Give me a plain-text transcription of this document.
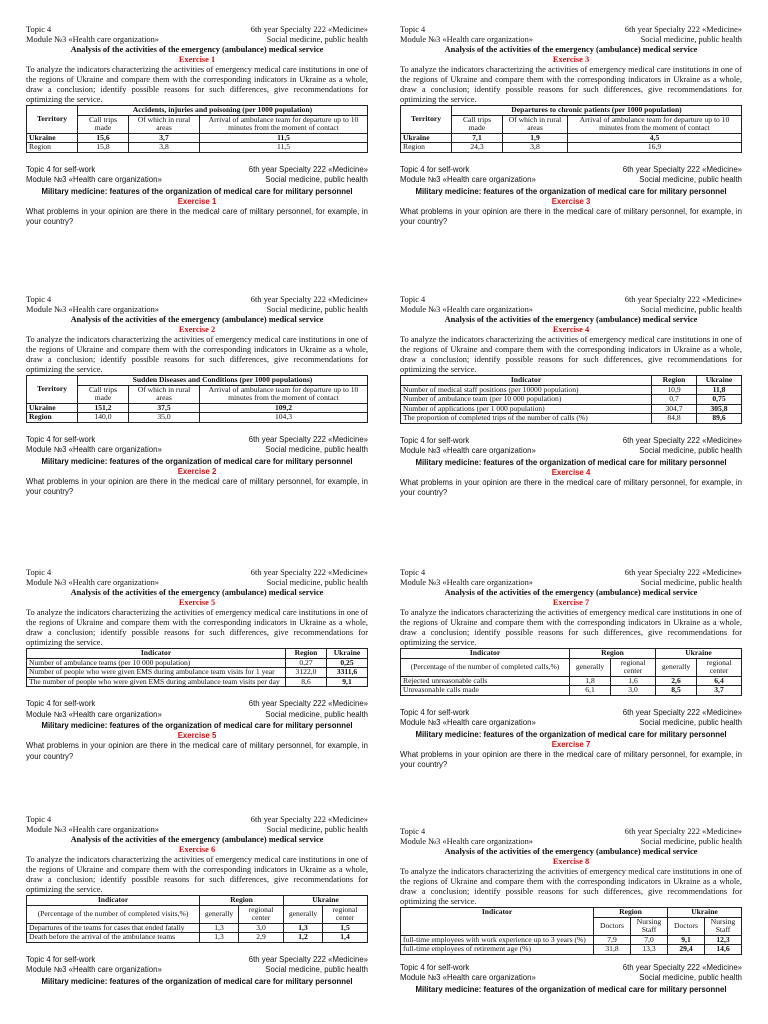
Topic 4	6th year Specialty 222 «Medicine»
Module №3 «Health care organization»	Social medicine, public health
Analysis of the activities of the emergency (ambulance) medical service
Exercise 1

To analyze the indicators characterizing the activities of emergency medical care institutions in one of the regions of Ukraine and compare them with the corresponding indicators in Ukraine as a whole, draw a conclusion; identify possible reasons for such differences, give recommendations for optimizing the service.

Territory	Accidents, injuries and poisoning (per 1000 population)		
	Call trips made	Of which in rural areas	Arrival of ambulance team for departure up to 10 minutes from the moment of contact
Ukraine	15,6	3,7	11,5
Region	15,8	3,8	11,5
Topic 4 for self-work	6th year Specialty 222 «Medicine»
Module №3 «Health care organization»	Social medicine, public health
Military medicine: features of the organization of medical care for military personnel
Exercise 1

What problems in your opinion are there in the medical care of military personnel, for example, in your country?

Topic 4	6th year Specialty 222 «Medicine»
Module №3 «Health care organization»	Social medicine, public health
Analysis of the activities of the emergency (ambulance) medical service
Exercise 2

To analyze the indicators characterizing the activities of emergency medical care institutions in one of the regions of Ukraine and compare them with the corresponding indicators in Ukraine as a whole, draw a conclusion; identify possible reasons for such differences, give recommendations for optimizing the service.

Territory	Sudden Diseases and Conditions (per 1000 populations)		
	Call trips made	Of which in rural areas	Arrival of ambulance team for departure up to 10 minutes from the moment of contact
Ukraine	151,2	37,5	109,2
Region	140,0	35,0	104,3
Topic 4 for self-work	6th year Specialty 222 «Medicine»
Module №3 «Health care organization»	Social medicine, public health
Military medicine: features of the organization of medical care for military personnel
Exercise 2

What problems in your opinion are there in the medical care of military personnel, for example, in your country?

Topic 4	6th year Specialty 222 «Medicine»
Module №3 «Health care organization»	Social medicine, public health
Analysis of the activities of the emergency (ambulance) medical service
Exercise 5

To analyze the indicators characterizing the activities of emergency medical care institutions in one of the regions of Ukraine and compare them with the corresponding indicators in Ukraine as a whole, draw a conclusion; identify possible reasons for such differences, give recommendations for optimizing the service.

Indicator	Region	Ukraine
Number of ambulance teams (per 10 000 population)	0,27	0,25
Number of people who were given EMS during ambulance team visits for 1 year	3122,0	3311,6
The number of people who were given EMS during ambulance team visits per day	8,6	9,1
Topic 4 for self-work	6th year Specialty 222 «Medicine»
Module №3 «Health care organization»	Social medicine, public health
Military medicine: features of the organization of medical care for military personnel
Exercise 5

What problems in your opinion are there in the medical care of military personnel, for example, in your country?

Topic 4	6th year Specialty 222 «Medicine»
Module №3 «Health care organization»	Social medicine, public health
Analysis of the activities of the emergency (ambulance) medical service
Exercise 6

To analyze the indicators characterizing the activities of emergency medical care institutions in one of the regions of Ukraine and compare them with the corresponding indicators in Ukraine as a whole, draw a conclusion; identify possible reasons for such differences, give recommendations for optimizing the service.

Indicator	Region		Ukraine	
(Percentage of the number of completed visits,%)	generally	regional center	generally	regional center
Departures of the teams for cases that ended fatally	1,3	3,0	1,3	1,5
Death before the arrival of the ambulance teams	1,3	2,9	1,2	1,4
Topic 4 for self-work	6th year Specialty 222 «Medicine»
Module №3 «Health care organization»	Social medicine, public health
Military medicine: features of the organization of medical care for military personnel
Topic 4	6th year Specialty 222 «Medicine»
Module №3 «Health care organization»	Social medicine, public health
Analysis of the activities of the emergency (ambulance) medical service
Exercise 3

To analyze the indicators characterizing the activities of emergency medical care institutions in one of the regions of Ukraine and compare them with the corresponding indicators in Ukraine as a whole, draw a conclusion; identify possible reasons for such differences, give recommendations for optimizing the service.

Territory	Departures to chronic patients (per 1000 population)		
	Call trips made	Of which in rural areas	Arrival of ambulance team for departure up to 10 minutes from the moment of contact
Ukraine	7,1	1,9	4,5
Region	24,3	3,8	16,9
Topic 4 for self-work	6th year Specialty 222 «Medicine»
Module №3 «Health care organization»	Social medicine, public health
Military medicine: features of the organization of medical care for military personnel
Exercise 3

What problems in your opinion are there in the medical care of military personnel, for example, in your country?

Topic 4	6th year Specialty 222 «Medicine»
Module №3 «Health care organization»	Social medicine, public health
Analysis of the activities of the emergency (ambulance) medical service
Exercise 4

To analyze the indicators characterizing the activities of emergency medical care institutions in one of the regions of Ukraine and compare them with the corresponding indicators in Ukraine as a whole, draw a conclusion; identify possible reasons for such differences, give recommendations for optimizing the service.

Indicator	Region	Ukraine
Number of medical staff positions (per 10000 population)	10,9	11,8
Number of ambulance team (per 10 000 population)	0,7	0,75
Number of applications (per 1 000 population)	304,7	305,8
The proportion of completed trips of the number of calls (%)	84,8	89,6
Topic 4 for self-work	6th year Specialty 222 «Medicine»
Module №3 «Health care organization»	Social medicine, public health
Military medicine: features of the organization of medical care for military personnel
Exercise 4

What problems in your opinion are there in the medical care of military personnel, for example, in your country?

Topic 4	6th year Specialty 222 «Medicine»
Module №3 «Health care organization»	Social medicine, public health
Analysis of the activities of the emergency (ambulance) medical service
Exercise 7

To analyze the indicators characterizing the activities of emergency medical care institutions in one of the regions of Ukraine and compare them with the corresponding indicators in Ukraine as a whole, draw a conclusion; identify possible reasons for such differences, give recommendations for optimizing the service.

Indicator	Region		Ukraine	
(Percentage of the number of completed calls,%)	generally	regional center	generally	regional center
Rejected unreasonable calls	1,8	1,6	2,6	6,4
Unreasonable calls made	6,1	3,0	8,5	3,7
Topic 4 for self-work	6th year Specialty 222 «Medicine»
Module №3 «Health care organization»	Social medicine, public health
Military medicine: features of the organization of medical care for military personnel
Exercise 7

What problems in your opinion are there in the medical care of military personnel, for example, in your country?

Topic 4	6th year Specialty 222 «Medicine»
Module №3 «Health care organization»	Social medicine, public health
Analysis of the activities of the emergency (ambulance) medical service
Exercise 8

To analyze the indicators characterizing the activities of emergency medical care institutions in one of the regions of Ukraine and compare them with the corresponding indicators in Ukraine as a whole, draw a conclusion; identify possible reasons for such differences, give recommendations for optimizing the service.

Indicator	Region		Ukraine	
	Doctors	Nursing Staff	Doctors	Nursing Staff
full-time employees with work experience up to 3 years (%)	7,9	7,0	9,1	12,3
full-time employees of retirement age (%)	31,8	13,3	29,4	14,6
Topic 4 for self-work	6th year Specialty 222 «Medicine»
Module №3 «Health care organization»	Social medicine, public health
Military medicine: features of the organization of medical care for military personnel
